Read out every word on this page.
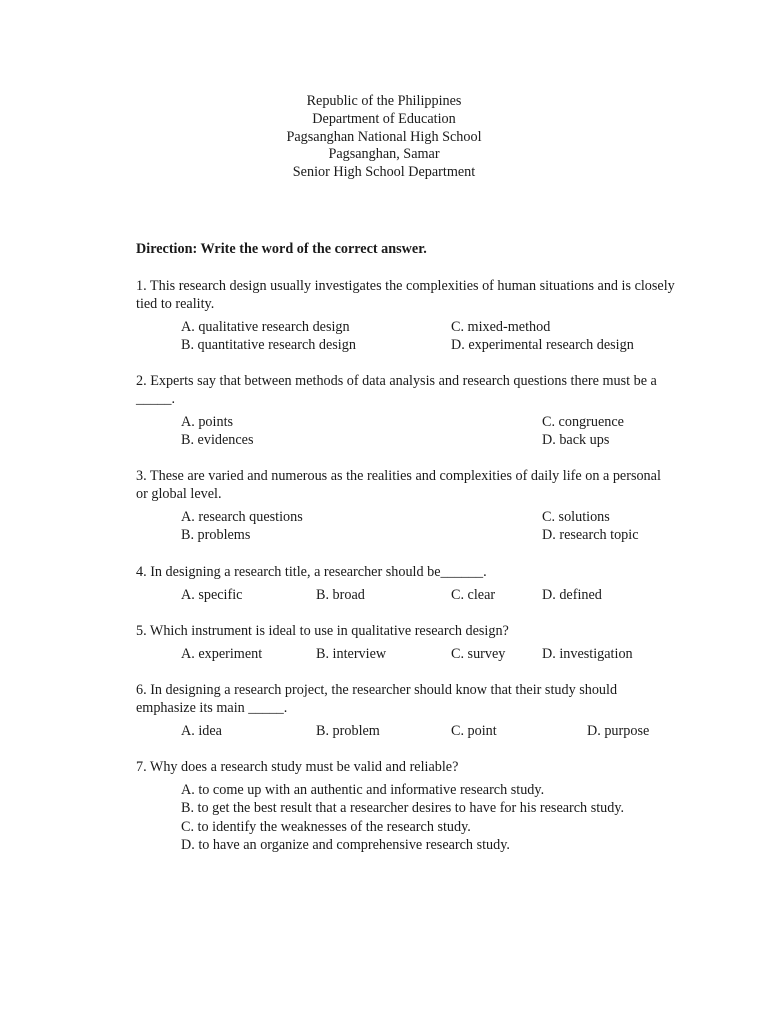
Republic of the Philippines
Department of Education
Pagsanghan National High School
Pagsanghan, Samar
Senior High School Department
Direction: Write the word of the correct answer.
1. This research design usually investigates the complexities of human situations and is closely tied to reality.
A. qualitative research design
B. quantitative research design
C. mixed-method
D. experimental research design
2. Experts say that between methods of data analysis and research questions there must be a _____.
A. points
B. evidences
C. congruence
D. back ups
3. These are varied and numerous as the realities and complexities of daily life on a personal or global level.
A. research questions
B. problems
C. solutions
D. research topic
4. In designing a research title, a researcher should be______.
A. specific	B. broad	C. clear	D. defined
5. Which instrument is ideal to use in qualitative research design?
A. experiment	B. interview	C. survey	D. investigation
6. In designing a research project, the researcher should know that their study should emphasize its main _____.
A. idea	B. problem	C. point	D. purpose
7. Why does a research study must be valid and reliable?
A. to come up with an authentic and informative research study.
B. to get the best result that a researcher desires to have for his research study.
C. to identify the weaknesses of the research study.
D. to have an organize and comprehensive research study.
